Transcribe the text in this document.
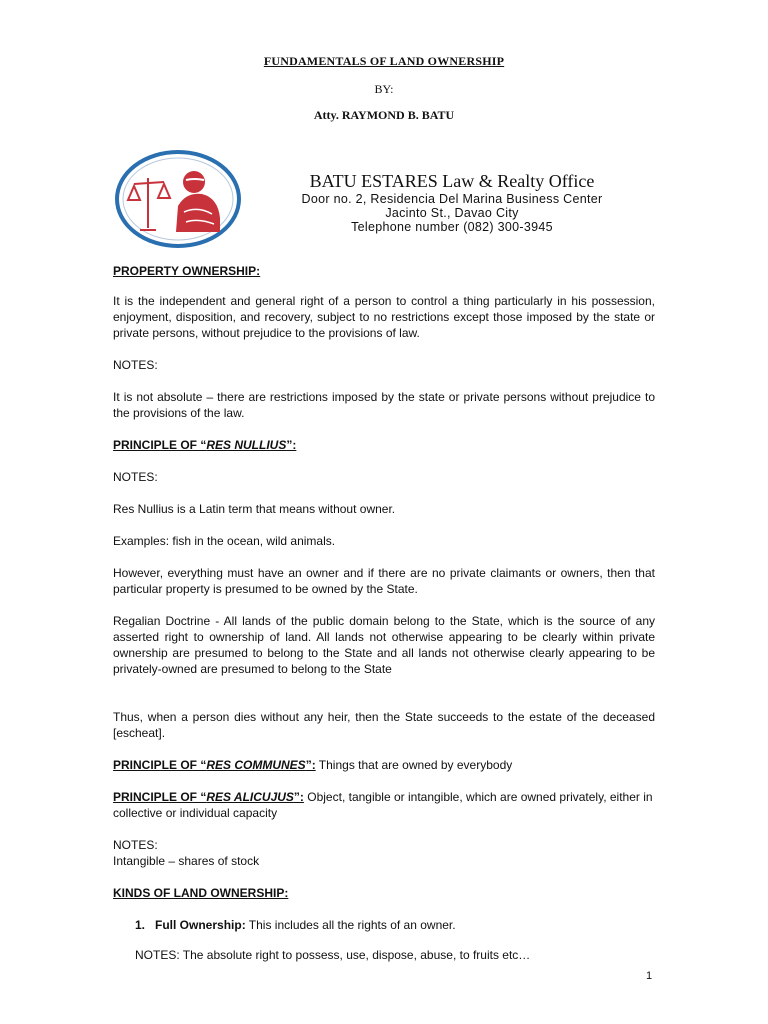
FUNDAMENTALS OF LAND OWNERSHIP
BY:
Atty. RAYMOND B. BATU
BATU ESTARES Law & Realty Office
Door no. 2, Residencia Del Marina Business Center
Jacinto St., Davao City
Telephone number (082) 300-3945
PROPERTY OWNERSHIP:
It is the independent and general right of a person to control a thing particularly in his possession, enjoyment, disposition, and recovery, subject to no restrictions except those imposed by the state or private persons, without prejudice to the provisions of law.
NOTES:
It is not absolute – there are restrictions imposed by the state or private persons without prejudice to the provisions of the law.
PRINCIPLE OF “RES NULLIUS”:
NOTES:
Res Nullius is a Latin term that means without owner.
Examples: fish in the ocean, wild animals.
However, everything must have an owner and if there are no private claimants or owners, then that particular property is presumed to be owned by the State.
Regalian Doctrine - All lands of the public domain belong to the State, which is the source of any asserted right to ownership of land. All lands not otherwise appearing to be clearly within private ownership are presumed to belong to the State and all lands not otherwise clearly appearing to be privately-owned are presumed to belong to the State
Thus, when a person dies without any heir, then the State succeeds to the estate of the deceased [escheat].
PRINCIPLE OF “RES COMMUNES”: Things that are owned by everybody
PRINCIPLE OF “RES ALICUJUS”: Object, tangible or intangible, which are owned privately, either in collective or individual capacity
NOTES:
Intangible – shares of stock
KINDS OF LAND OWNERSHIP:
1. Full Ownership: This includes all the rights of an owner.
NOTES: The absolute right to possess, use, dispose, abuse, to fruits etc…
1
